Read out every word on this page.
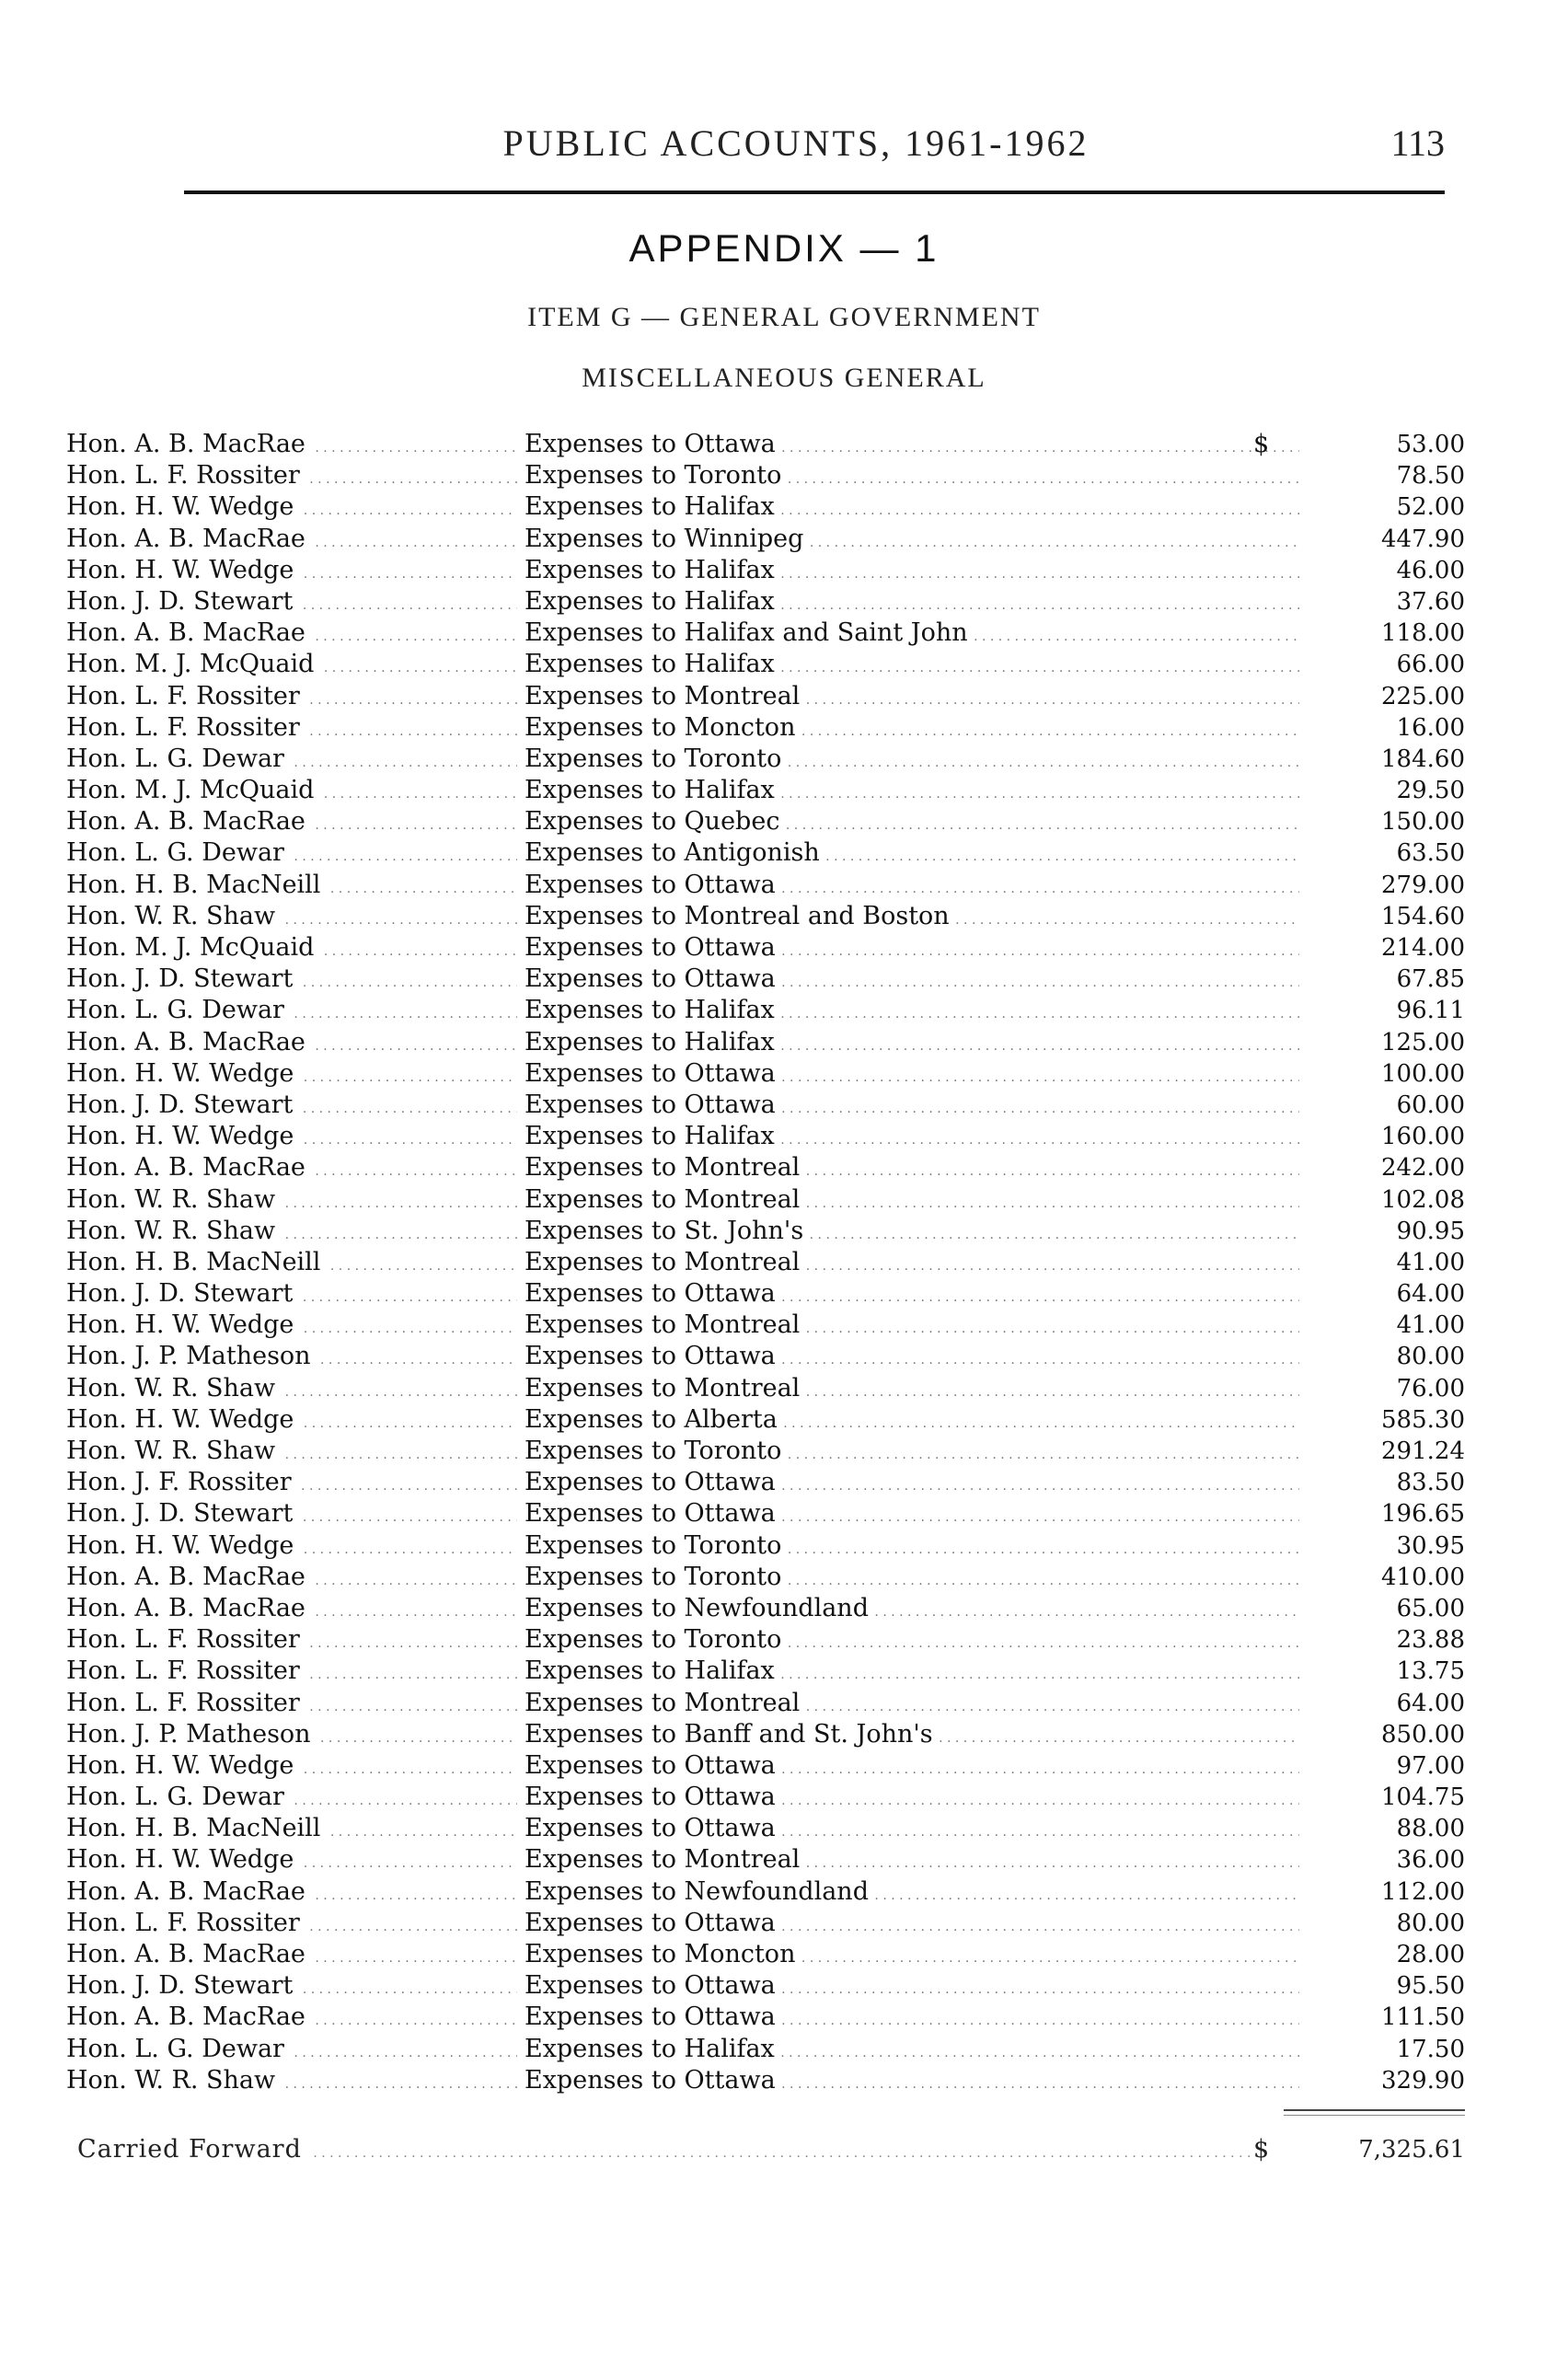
PUBLIC ACCOUNTS, 1961-1962	113
APPENDIX — 1
ITEM G — GENERAL GOVERNMENT
MISCELLANEOUS GENERAL
Hon. A. B. MacRae . . .	Expenses to Ottawa . . .	$	53.00
Hon. L. F. Rossiter . . .	Expenses to Toronto . . .	78.50
Hon. H. W. Wedge . . .	Expenses to Halifax . . .	52.00
Hon. A. B. MacRae . . .	Expenses to Winnipeg . . .	447.90
Hon. H. W. Wedge . . .	Expenses to Halifax . . .	46.00
Hon. J. D. Stewart . . .	Expenses to Halifax . . .	37.60
Hon. A. B. MacRae . . .	Expenses to Halifax and Saint John . . .	118.00
Hon. M. J. McQuaid . . .	Expenses to Halifax . . .	66.00
Hon. L. F. Rossiter . . .	Expenses to Montreal . . .	225.00
Hon. L. F. Rossiter . . .	Expenses to Moncton . . .	16.00
Hon. L. G. Dewar . . .	Expenses to Toronto . . .	184.60
Hon. M. J. McQuaid . . .	Expenses to Halifax . . .	29.50
Hon. A. B. MacRae . . .	Expenses to Quebec . . .	150.00
Hon. L. G. Dewar . . .	Expenses to Antigonish . . .	63.50
Hon. H. B. MacNeill . . .	Expenses to Ottawa . . .	279.00
Hon. W. R. Shaw . . .	Expenses to Montreal and Boston . . .	154.60
Hon. M. J. McQuaid . . .	Expenses to Ottawa . . .	214.00
Hon. J. D. Stewart . . .	Expenses to Ottawa . . .	67.85
Hon. L. G. Dewar . . .	Expenses to Halifax . . .	96.11
Hon. A. B. MacRae . . .	Expenses to Halifax . . .	125.00
Hon. H. W. Wedge . . .	Expenses to Ottawa . . .	100.00
Hon. J. D. Stewart . . .	Expenses to Ottawa . . .	60.00
Hon. H. W. Wedge . . .	Expenses to Halifax . . .	160.00
Hon. A. B. MacRae . . .	Expenses to Montreal . . .	242.00
Hon. W. R. Shaw . . .	Expenses to Montreal . . .	102.08
Hon. W. R. Shaw . . .	Expenses to St. John's . . .	90.95
Hon. H. B. MacNeill . . .	Expenses to Montreal . . .	41.00
Hon. J. D. Stewart . . .	Expenses to Ottawa . . .	64.00
Hon. H. W. Wedge . . .	Expenses to Montreal . . .	41.00
Hon. J. P. Matheson . . .	Expenses to Ottawa . . .	80.00
Hon. W. R. Shaw . . .	Expenses to Montreal . . .	76.00
Hon. H. W. Wedge . . .	Expenses to Alberta . . .	585.30
Hon. W. R. Shaw . . .	Expenses to Toronto . . .	291.24
Hon. J. F. Rossiter . . .	Expenses to Ottawa . . .	83.50
Hon. J. D. Stewart . . .	Expenses to Ottawa . . .	196.65
Hon. H. W. Wedge . . .	Expenses to Toronto . . .	30.95
Hon. A. B. MacRae . . .	Expenses to Toronto . . .	410.00
Hon. A. B. MacRae . . .	Expenses to Newfoundland . . .	65.00
Hon. L. F. Rossiter . . .	Expenses to Toronto . . .	23.88
Hon. L. F. Rossiter . . .	Expenses to Halifax . . .	13.75
Hon. L. F. Rossiter . . .	Expenses to Montreal . . .	64.00
Hon. J. P. Matheson . . .	Expenses to Banff and St. John's . . .	850.00
Hon. H. W. Wedge . . .	Expenses to Ottawa . . .	97.00
Hon. L. G. Dewar . . .	Expenses to Ottawa . . .	104.75
Hon. H. B. MacNeill . . .	Expenses to Ottawa . . .	88.00
Hon. H. W. Wedge . . .	Expenses to Montreal . . .	36.00
Hon. A. B. MacRae . . .	Expenses to Newfoundland . . .	112.00
Hon. L. F. Rossiter . . .	Expenses to Ottawa . . .	80.00
Hon. A. B. MacRae . . .	Expenses to Moncton . . .	28.00
Hon. J. D. Stewart . . .	Expenses to Ottawa . . .	95.50
Hon. A. B. MacRae . . .	Expenses to Ottawa . . .	111.50
Hon. L. G. Dewar . . .	Expenses to Halifax . . .	17.50
Hon. W. R. Shaw . . .	Expenses to Ottawa . . .	329.90
Carried Forward . . .	$	7,325.61
